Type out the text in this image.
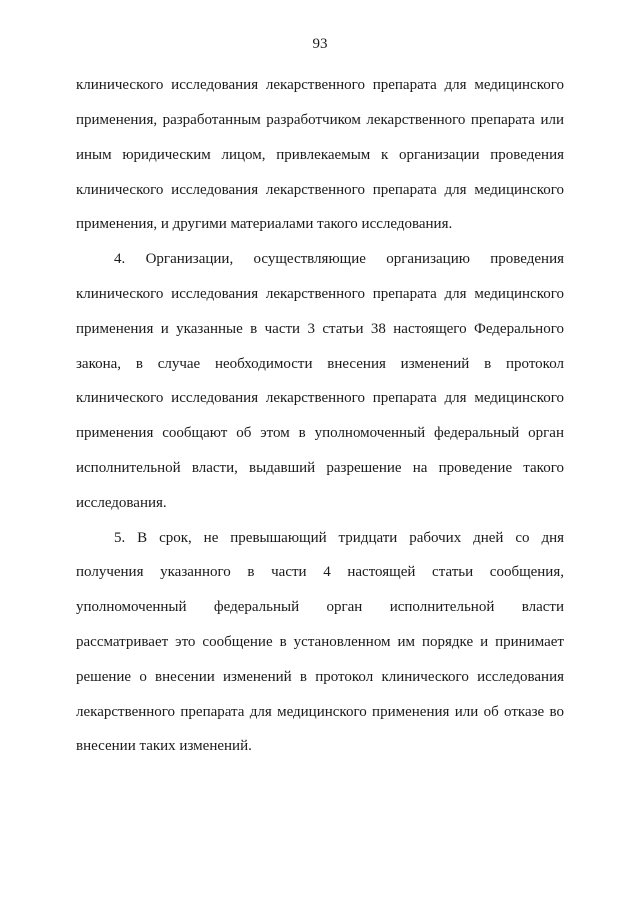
93
клинического исследования лекарственного препарата для медицинского
применения, разработанным разработчиком лекарственного препарата или
иным юридическим лицом, привлекаемым к организации проведения
клинического исследования лекарственного препарата для медицинского
применения, и другими материалами такого исследования.
4. Организации, осуществляющие организацию проведения
клинического исследования лекарственного препарата для медицинского
применения и указанные в части 3 статьи 38 настоящего Федерального
закона, в случае необходимости внесения изменений в протокол
клинического исследования лекарственного препарата для медицинского
применения сообщают об этом в уполномоченный федеральный орган
исполнительной власти, выдавший разрешение на проведение такого
исследования.
5. В срок, не превышающий тридцати рабочих дней со дня
получения указанного в части 4 настоящей статьи сообщения,
уполномоченный федеральный орган исполнительной власти
рассматривает это сообщение в установленном им порядке и принимает
решение о внесении изменений в протокол клинического исследования
лекарственного препарата для медицинского применения или об отказе во
внесении таких изменений.
